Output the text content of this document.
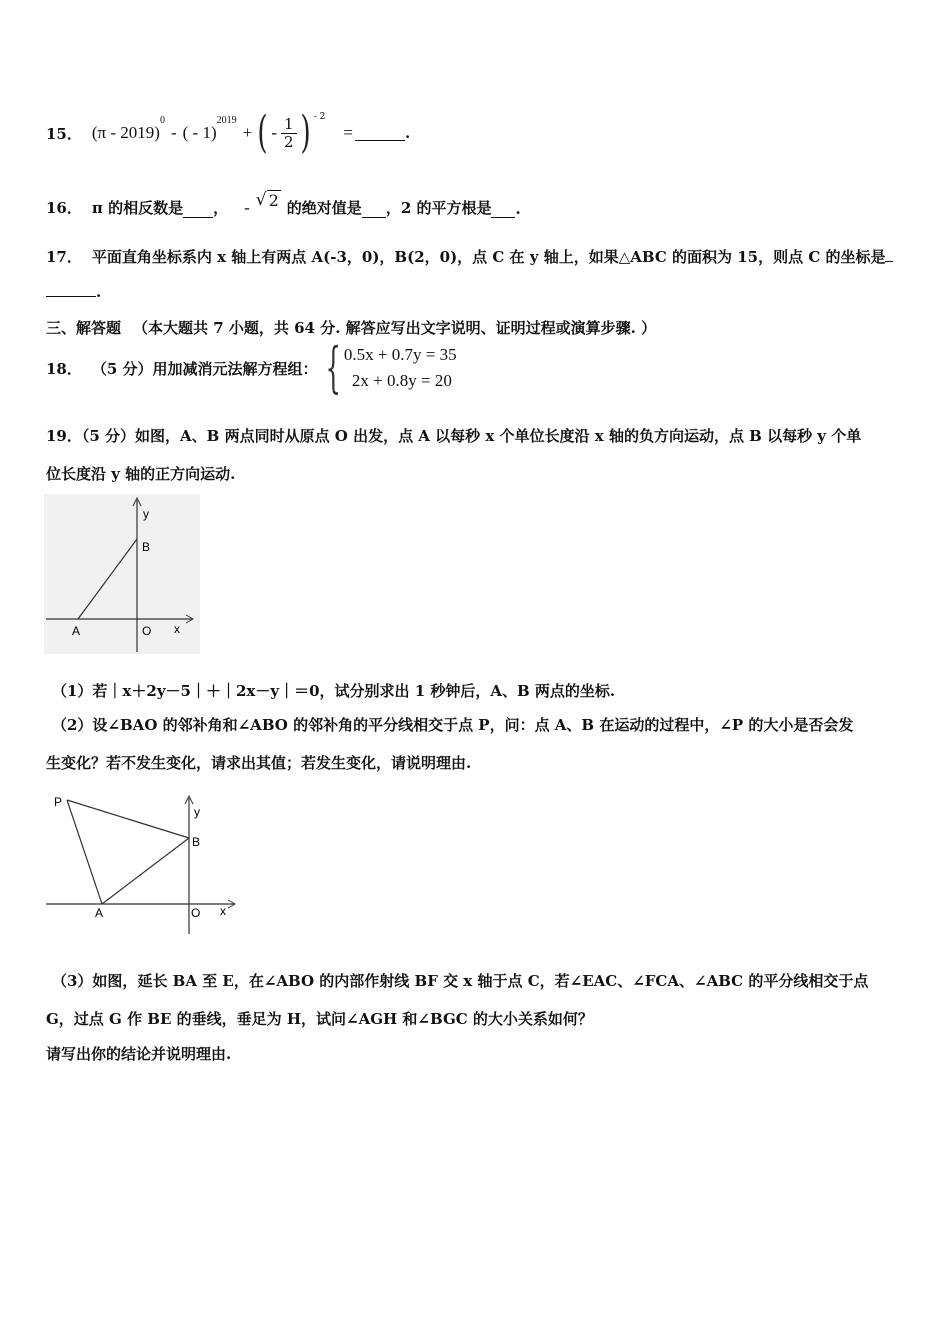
15． (π - 2019)$^0$
- ( - 1)$^{2019}$
+ ( - $\frac{1}{2}$ ) $^{- 2}$
=	.
16． π 的相反数是 ， - √ 2 的绝对值是 ，2 的平方根是 .
17． 平面直角坐标系内 x 轴上有两点 A(-3，0)，B(2，0)，点 C 在 y 轴上，如果△ABC 的面积为 15，则点 C 的坐标是
.
三、解答题 （本大题共 7 小题，共 64 分. 解答应写出文字说明、证明过程或演算步骤. ）
18． （5 分）用加减消元法解方程组： { 0.5x + 0.7y = 35
2x + 0.8y = 20
19．（5 分）如图，A、B 两点同时从原点 O 出发，点 A 以每秒 x 个单位长度沿 x 轴的负方向运动，点 B 以每秒 y 个单
位长度沿 y 轴的正方向运动.
y
B
A	O x
（1）若｜x＋2y－5｜＋｜2x－y｜＝0，试分别求出 1 秒钟后，A、B 两点的坐标.
（2）设∠BAO 的邻补角和∠ABO 的邻补角的平分线相交于点 P，问：点 A、B 在运动的过程中，∠P 的大小是否会发
生变化？若不发生变化，请求出其值；若发生变化，请说明理由.
P
y
B
A	O x
（3）如图，延长 BA 至 E，在∠ABO 的内部作射线 BF 交 x 轴于点 C，若∠EAC、∠FCA、∠ABC 的平分线相交于点
G，过点 G 作 BE 的垂线，垂足为 H，试问∠AGH 和∠BGC 的大小关系如何？
请写出你的结论并说明理由.
